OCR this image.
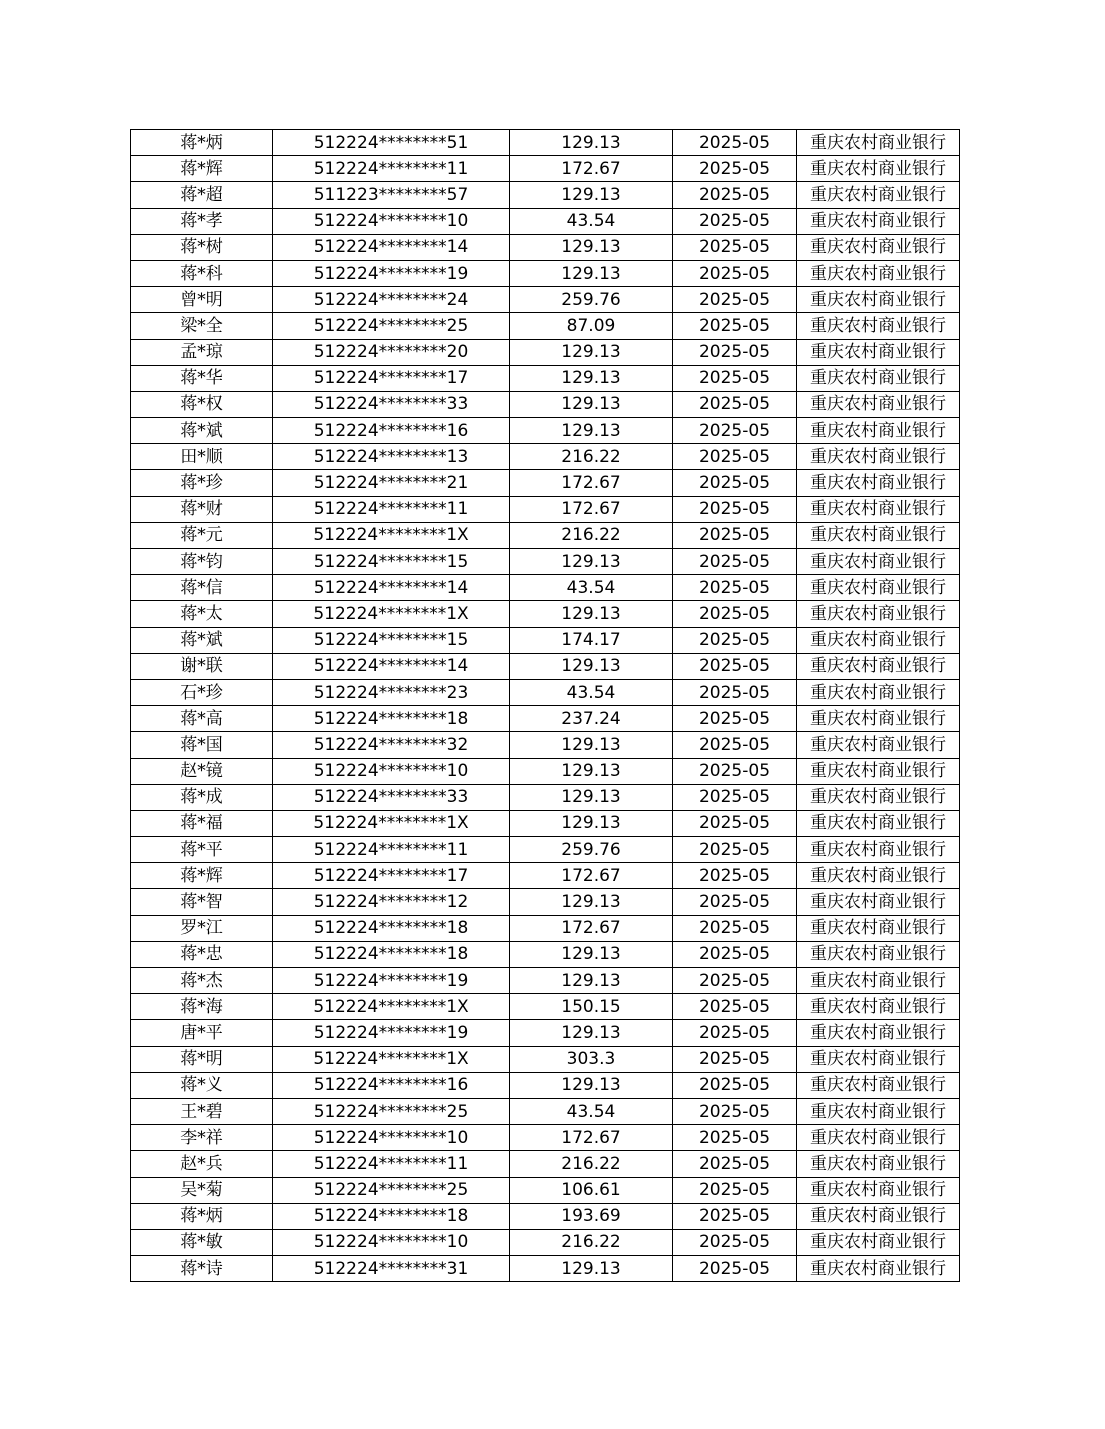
蒋*炳	512224********51	129.13	2025-05	重庆农村商业银行
蒋*辉	512224********11	172.67	2025-05	重庆农村商业银行
蒋*超	511223********57	129.13	2025-05	重庆农村商业银行
蒋*孝	512224********10	43.54	2025-05	重庆农村商业银行
蒋*树	512224********14	129.13	2025-05	重庆农村商业银行
蒋*科	512224********19	129.13	2025-05	重庆农村商业银行
曾*明	512224********24	259.76	2025-05	重庆农村商业银行
梁*全	512224********25	87.09	2025-05	重庆农村商业银行
孟*琼	512224********20	129.13	2025-05	重庆农村商业银行
蒋*华	512224********17	129.13	2025-05	重庆农村商业银行
蒋*权	512224********33	129.13	2025-05	重庆农村商业银行
蒋*斌	512224********16	129.13	2025-05	重庆农村商业银行
田*顺	512224********13	216.22	2025-05	重庆农村商业银行
蒋*珍	512224********21	172.67	2025-05	重庆农村商业银行
蒋*财	512224********11	172.67	2025-05	重庆农村商业银行
蒋*元	512224********1X	216.22	2025-05	重庆农村商业银行
蒋*钧	512224********15	129.13	2025-05	重庆农村商业银行
蒋*信	512224********14	43.54	2025-05	重庆农村商业银行
蒋*太	512224********1X	129.13	2025-05	重庆农村商业银行
蒋*斌	512224********15	174.17	2025-05	重庆农村商业银行
谢*联	512224********14	129.13	2025-05	重庆农村商业银行
石*珍	512224********23	43.54	2025-05	重庆农村商业银行
蒋*高	512224********18	237.24	2025-05	重庆农村商业银行
蒋*国	512224********32	129.13	2025-05	重庆农村商业银行
赵*镜	512224********10	129.13	2025-05	重庆农村商业银行
蒋*成	512224********33	129.13	2025-05	重庆农村商业银行
蒋*福	512224********1X	129.13	2025-05	重庆农村商业银行
蒋*平	512224********11	259.76	2025-05	重庆农村商业银行
蒋*辉	512224********17	172.67	2025-05	重庆农村商业银行
蒋*智	512224********12	129.13	2025-05	重庆农村商业银行
罗*江	512224********18	172.67	2025-05	重庆农村商业银行
蒋*忠	512224********18	129.13	2025-05	重庆农村商业银行
蒋*杰	512224********19	129.13	2025-05	重庆农村商业银行
蒋*海	512224********1X	150.15	2025-05	重庆农村商业银行
唐*平	512224********19	129.13	2025-05	重庆农村商业银行
蒋*明	512224********1X	303.3	2025-05	重庆农村商业银行
蒋*义	512224********16	129.13	2025-05	重庆农村商业银行
王*碧	512224********25	43.54	2025-05	重庆农村商业银行
李*祥	512224********10	172.67	2025-05	重庆农村商业银行
赵*兵	512224********11	216.22	2025-05	重庆农村商业银行
吴*菊	512224********25	106.61	2025-05	重庆农村商业银行
蒋*炳	512224********18	193.69	2025-05	重庆农村商业银行
蒋*敏	512224********10	216.22	2025-05	重庆农村商业银行
蒋*诗	512224********31	129.13	2025-05	重庆农村商业银行
